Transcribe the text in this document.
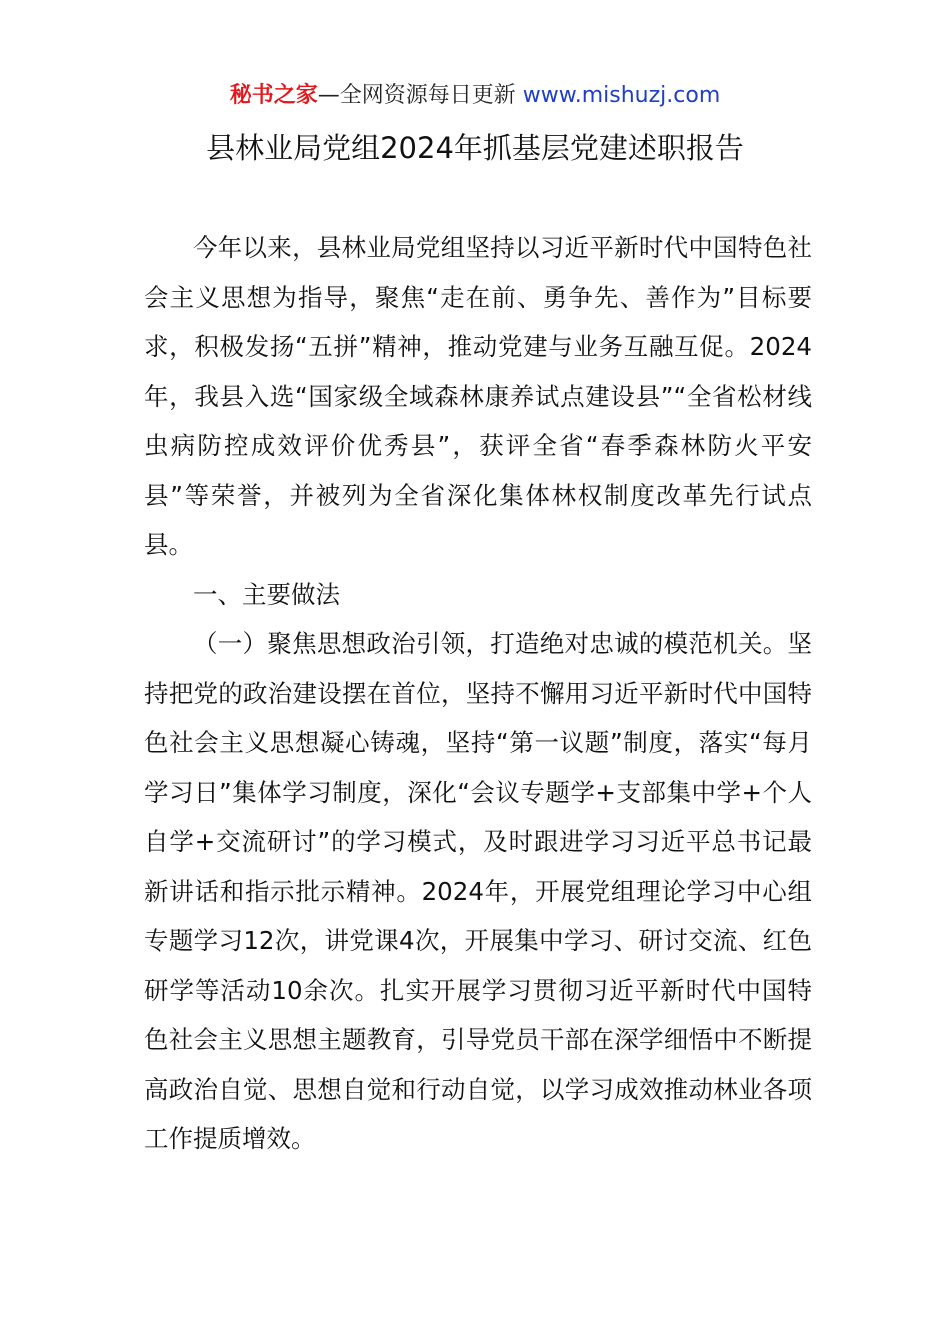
秘书之家—全网资源每日更新 www.mishuzj.com
县林业局党组2024年抓基层党建述职报告

今年以来，县林业局党组坚持以习近平新时代中国特色社会主义思想为指导，聚焦“走在前、勇争先、善作为”目标要求，积极发扬“五拼”精神，推动党建与业务互融互促。2024年，我县入选“国家级全域森林康养试点建设县”“全省松材线虫病防控成效评价优秀县”，获评全省“春季森林防火平安县”等荣誉，并被列为全省深化集体林权制度改革先行试点县。

一、主要做法

（一）聚焦思想政治引领，打造绝对忠诚的模范机关。坚持把党的政治建设摆在首位，坚持不懈用习近平新时代中国特色社会主义思想凝心铸魂，坚持“第一议题”制度，落实“每月学习日”集体学习制度，深化“会议专题学+支部集中学+个人自学+交流研讨”的学习模式，及时跟进学习习近平总书记最新讲话和指示批示精神。2024年，开展党组理论学习中心组专题学习12次，讲党课4次，开展集中学习、研讨交流、红色研学等活动10余次。扎实开展学习贯彻习近平新时代中国特色社会主义思想主题教育，引导党员干部在深学细悟中不断提高政治自觉、思想自觉和行动自觉，以学习成效推动林业各项工作提质增效。
